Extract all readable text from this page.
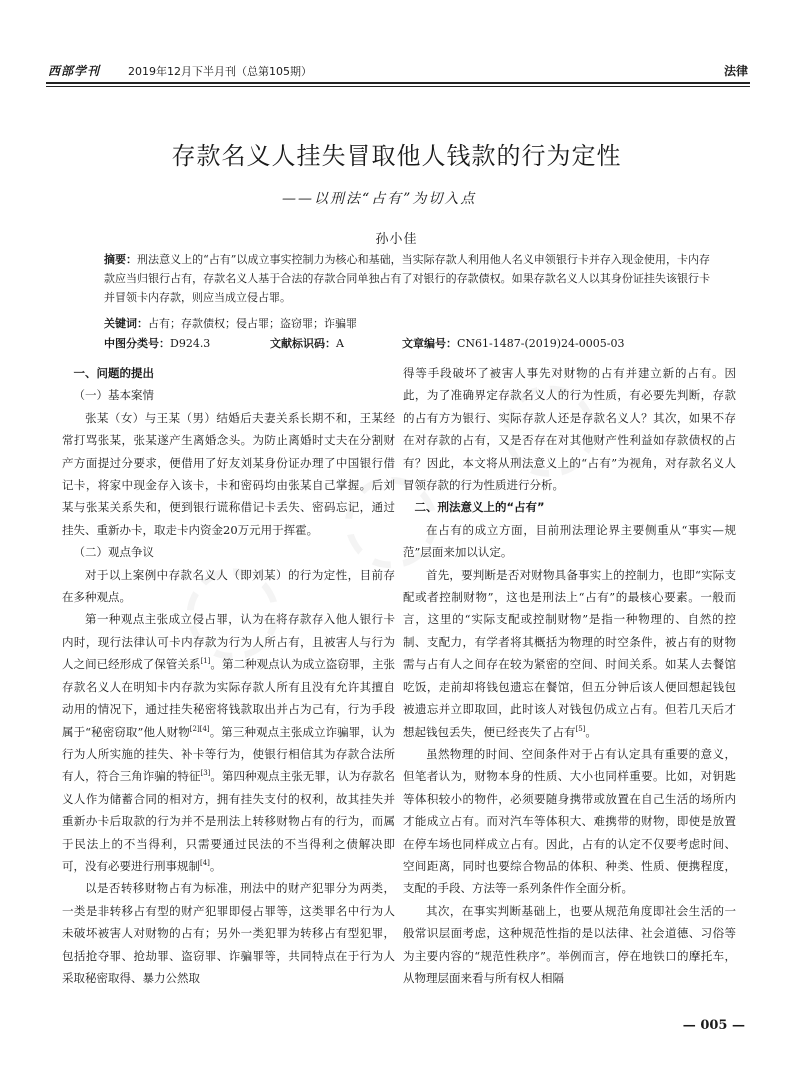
西部学刊	2019年12月下半月刊（总第105期）	法律
存款名义人挂失冒取他人钱款的行为定性
——以刑法“占有”为切入点
孙小佳
摘要：刑法意义上的“占有”以成立事实控制力为核心和基础，当实际存款人利用他人名义申领银行卡并存入现金使用，卡内存款应当归银行占有，存款名义人基于合法的存款合同单独占有了对银行的存款债权。如果存款名义人以其身份证挂失该银行卡并冒领卡内存款，则应当成立侵占罪。
关键词：占有；存款债权；侵占罪；盗窃罪；诈骗罪
中图分类号：D924.3	文献标识码：A	文章编号：CN61-1487-(2019)24-0005-03
一、问题的提出
（一）基本案情

张某（女）与王某（男）结婚后夫妻关系长期不和，王某经常打骂张某，张某遂产生离婚念头。为防止离婚时丈夫在分割财产方面提过分要求，便借用了好友刘某身份证办理了中国银行借记卡，将家中现金存入该卡，卡和密码均由张某自己掌握。后刘某与张某关系失和，便到银行谎称借记卡丢失、密码忘记，通过挂失、重新办卡，取走卡内资金20万元用于挥霍。

（二）观点争议

对于以上案例中存款名义人（即刘某）的行为定性，目前存在多种观点。

第一种观点主张成立侵占罪，认为在将存款存入他人银行卡内时，现行法律认可卡内存款为行为人所占有，且被害人与行为人之间已经形成了保管关系[1]。第二种观点认为成立盗窃罪，主张存款名义人在明知卡内存款为实际存款人所有且没有允许其擅自动用的情况下，通过挂失秘密将钱款取出并占为己有，行为手段属于“秘密窃取”他人财物[2][4]。第三种观点主张成立诈骗罪，认为行为人所实施的挂失、补卡等行为，使银行相信其为存款合法所有人，符合三角诈骗的特征[3]。第四种观点主张无罪，认为存款名义人作为储蓄合同的相对方，拥有挂失支付的权利，故其挂失并重新办卡后取款的行为并不是刑法上转移财物占有的行为，而属于民法上的不当得利，只需要通过民法的不当得利之债解决即可，没有必要进行刑事规制[4]。

以是否转移财物占有为标准，刑法中的财产犯罪分为两类，一类是非转移占有型的财产犯罪即侵占罪等，这类罪名中行为人未破坏被害人对财物的占有；另外一类犯罪为转移占有型犯罪，包括抢夺罪、抢劫罪、盗窃罪、诈骗罪等，共同特点在于行为人采取秘密取得、暴力公然取

得等手段破坏了被害人事先对财物的占有并建立新的占有。因此，为了准确界定存款名义人的行为性质，有必要先判断，存款的占有方为银行、实际存款人还是存款名义人？其次，如果不存在对存款的占有，又是否存在对其他财产性利益如存款债权的占有？因此，本文将从刑法意义上的“占有”为视角，对存款名义人冒领存款的行为性质进行分析。

二、刑法意义上的“占有”

在占有的成立方面，目前刑法理论界主要侧重从“事实—规范”层面来加以认定。

首先，要判断是否对财物具备事实上的控制力，也即“实际支配或者控制财物”，这也是刑法上“占有”的最核心要素。一般而言，这里的“实际支配或控制财物”是指一种物理的、自然的控制、支配力，有学者将其概括为物理的时空条件，被占有的财物需与占有人之间存在较为紧密的空间、时间关系。如某人去餐馆吃饭，走前却将钱包遗忘在餐馆，但五分钟后该人便回想起钱包被遗忘并立即取回，此时该人对钱包仍成立占有。但若几天后才想起钱包丢失，便已经丧失了占有[5]。

虽然物理的时间、空间条件对于占有认定具有重要的意义，但笔者认为，财物本身的性质、大小也同样重要。比如，对钥匙等体积较小的物件，必须要随身携带或放置在自己生活的场所内才能成立占有。而对汽车等体积大、难携带的财物，即使是放置在停车场也同样成立占有。因此，占有的认定不仅要考虑时间、空间距离，同时也要综合物品的体积、种类、性质、便携程度，支配的手段、方法等一系列条件作全面分析。

其次，在事实判断基础上，也要从规范角度即社会生活的一般常识层面考虑，这种规范性指的是以法律、社会道德、习俗等为主要内容的“规范性秩序”。举例而言，停在地铁口的摩托车，从物理层面来看与所有权人相隔

— 005 —
